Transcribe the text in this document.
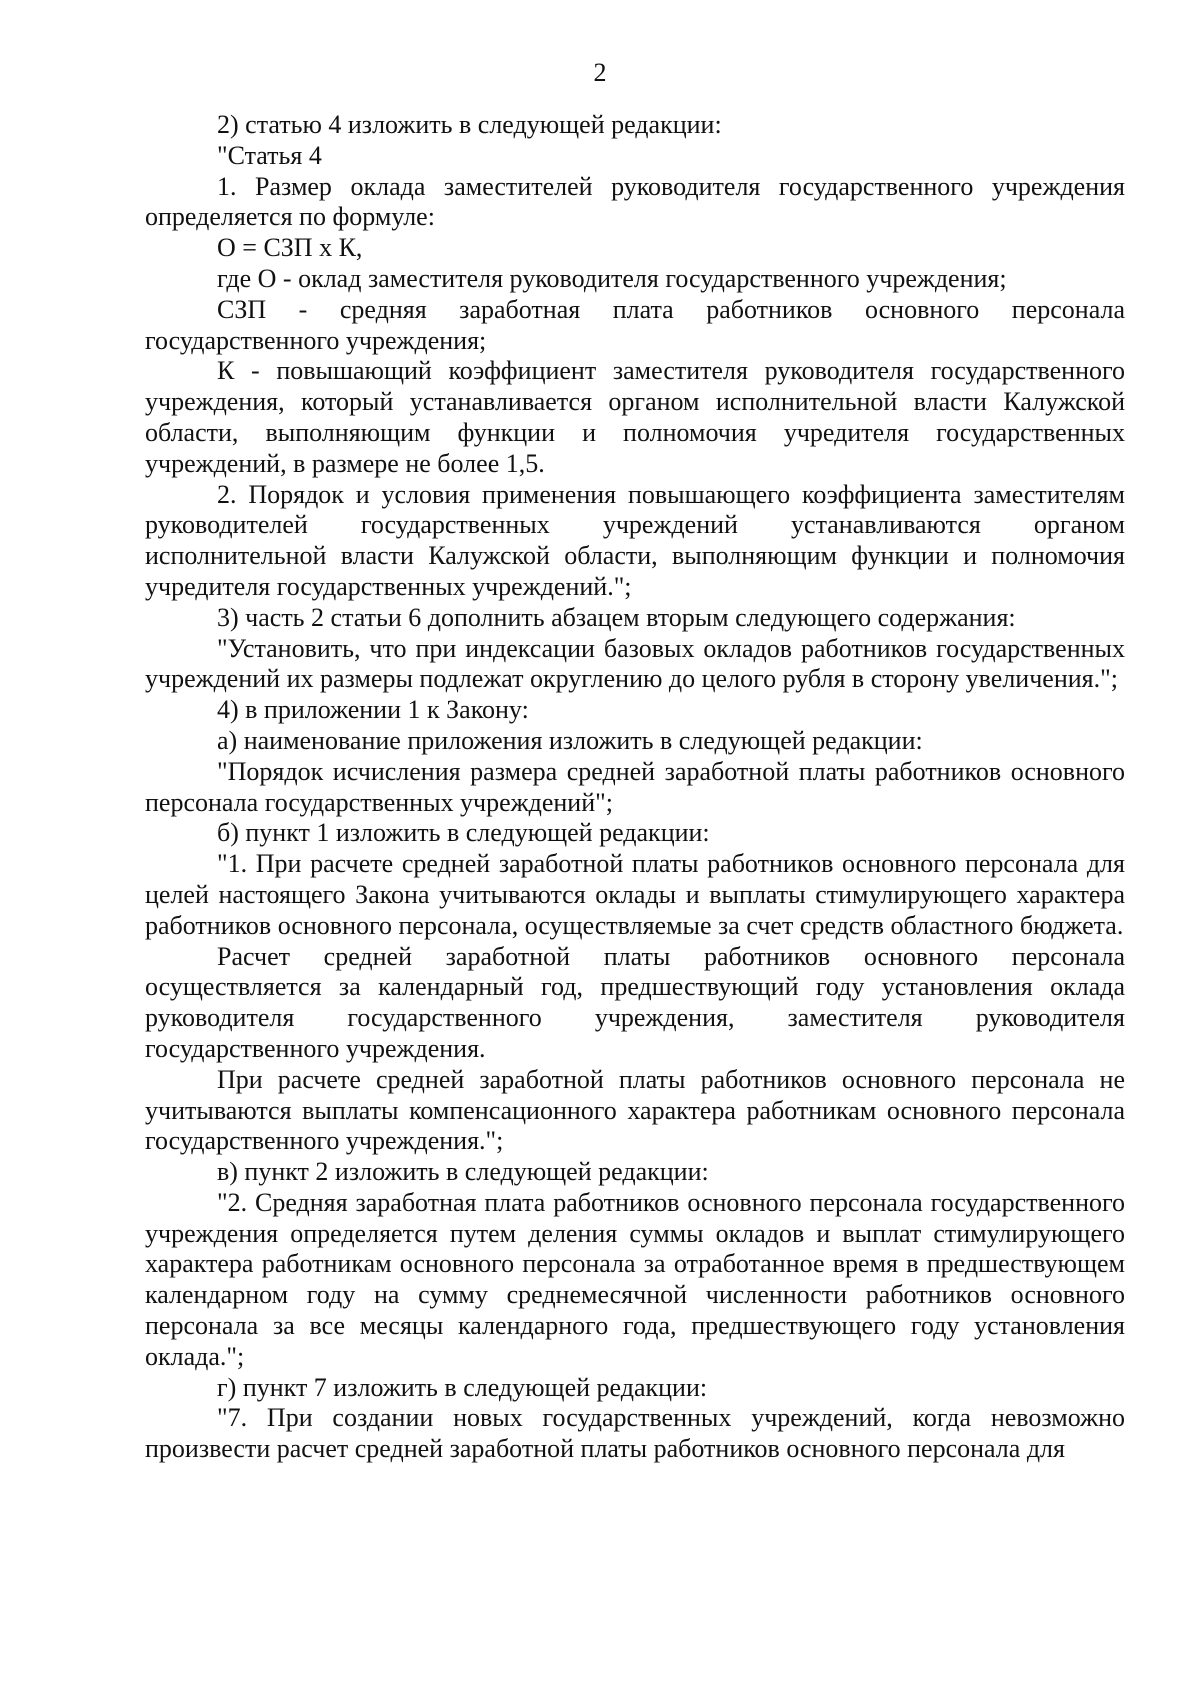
2

2) статью 4 изложить в следующей редакции:

"Статья 4

1. Размер оклада заместителей руководителя государственного учреждения определяется по формуле:

О = СЗП х К,

где О - оклад заместителя руководителя государственного учреждения;

СЗП - средняя заработная плата работников основного персонала государственного учреждения;

К - повышающий коэффициент заместителя руководителя государственного учреждения, который устанавливается органом исполнительной власти Калужской области, выполняющим функции и полномочия учредителя государственных учреждений, в размере не более 1,5.

2. Порядок и условия применения повышающего коэффициента заместителям руководителей государственных учреждений устанавливаются органом исполнительной власти Калужской области, выполняющим функции и полномочия учредителя государственных учреждений.";

3) часть 2 статьи 6 дополнить абзацем вторым следующего содержания:

"Установить, что при индексации базовых окладов работников государственных учреждений их размеры подлежат округлению до целого рубля в сторону увеличения.";

4) в приложении 1 к Закону:

а) наименование приложения изложить в следующей редакции:

"Порядок исчисления размера средней заработной платы работников основного персонала государственных учреждений";

б) пункт 1 изложить в следующей редакции:

"1. При расчете средней заработной платы работников основного персонала для целей настоящего Закона учитываются оклады и выплаты стимулирующего характера работников основного персонала, осуществляемые за счет средств областного бюджета.

Расчет средней заработной платы работников основного персонала осуществляется за календарный год, предшествующий году установления оклада руководителя государственного учреждения, заместителя руководителя государственного учреждения.

При расчете средней заработной платы работников основного персонала не учитываются выплаты компенсационного характера работникам основного персонала государственного учреждения.";

в) пункт 2 изложить в следующей редакции:

"2. Средняя заработная плата работников основного персонала государственного учреждения определяется путем деления суммы окладов и выплат стимулирующего характера работникам основного персонала за отработанное время в предшествующем календарном году на сумму среднемесячной численности работников основного персонала за все месяцы календарного года, предшествующего году установления оклада.";

г) пункт 7 изложить в следующей редакции:

"7. При создании новых государственных учреждений, когда невозможно произвести расчет средней заработной платы работников основного персонала для
